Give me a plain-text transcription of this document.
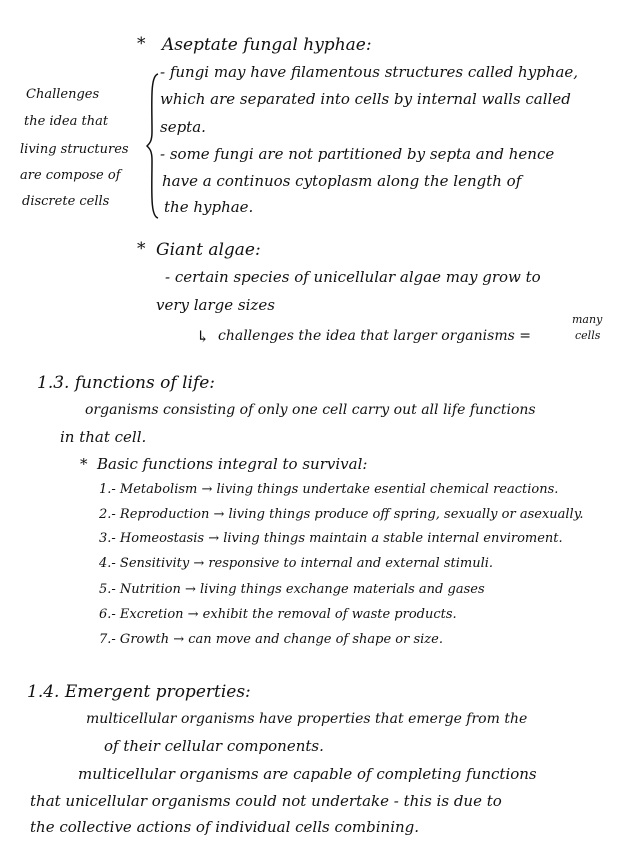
* Aseptate fungal hyphae:
- fungi may have filamentous structures called hyphae,
which are separated into cells by internal walls called
septa.
- some fungi are not partitioned by septa and hence
have a continuos cytoplasm along the length of
the hyphae.
Challenges
the idea that
living structures
are compose of
discrete cells
* Giant algae:
- certain species of unicellular algae may grow to
very large sizes
↳ challenges the idea that larger organisms =
many
cells
1.3. functions of life:
organisms consisting of only one cell carry out all life functions
in that cell.
* Basic functions integral to survival:
1.- Metabolism → living things undertake esential chemical reactions.
2.- Reproduction → living things produce off spring, sexually or asexually.
3.- Homeostasis → living things maintain a stable internal enviroment.
4.- Sensitivity → responsive to internal and external stimuli.
5.- Nutrition → living things exchange materials and gases
6.- Excretion → exhibit the removal of waste products.
7.- Growth → can move and change of shape or size.
1.4. Emergent properties:
multicellular organisms have properties that emerge from the
of their cellular components.
multicellular organisms are capable of completing functions
that unicellular organisms could not undertake - this is due to
the collective actions of individual cells combining.
